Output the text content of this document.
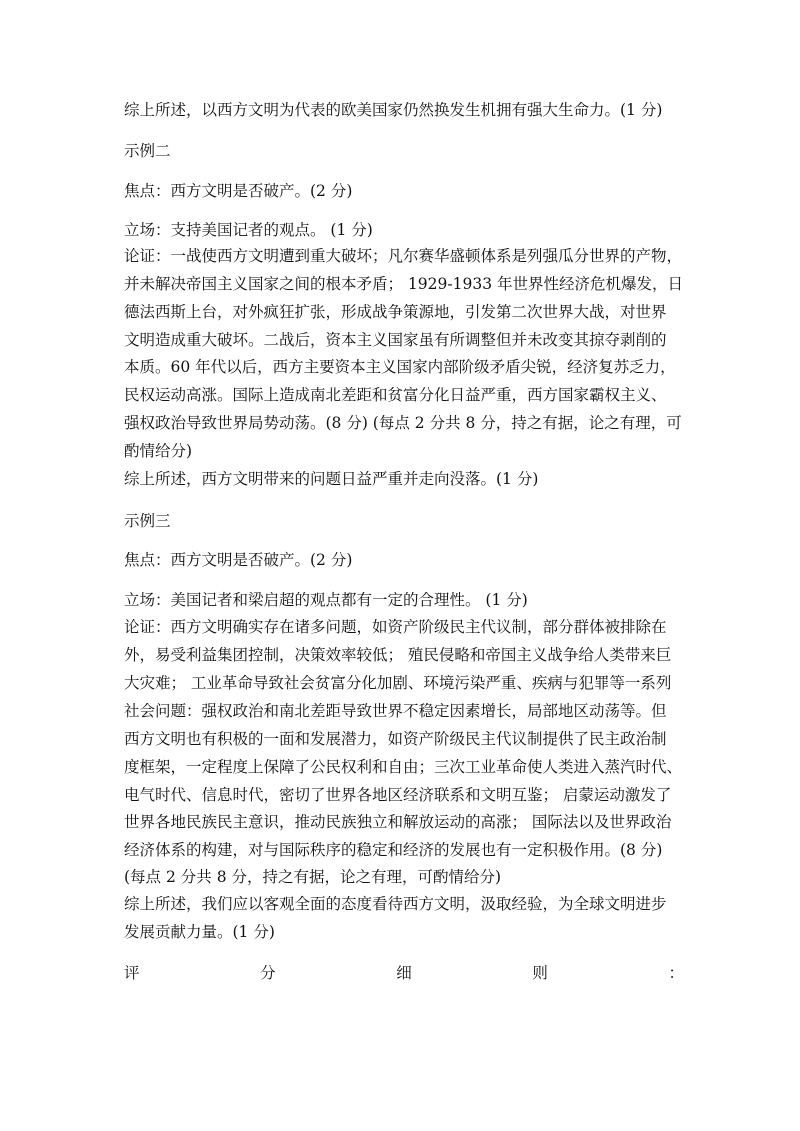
综上所述，以西方文明为代表的欧美国家仍然换发生机拥有强大生命力。(1 分)
示例二
焦点：西方文明是否破产。(2 分)
立场：支持美国记者的观点。 (1 分)
论证：一战使西方文明遭到重大破坏；凡尔赛华盛顿体系是列强瓜分世界的产物，
并未解决帝国主义国家之间的根本矛盾； 1929-1933 年世界性经济危机爆发，日
德法西斯上台，对外疯狂扩张，形成战争策源地，引发第二次世界大战，对世界
文明造成重大破坏。二战后，资本主义国家虽有所调整但并未改变其掠夺剥削的
本质。60 年代以后，西方主要资本主义国家内部阶级矛盾尖锐，经济复苏乏力，
民权运动高涨。国际上造成南北差距和贫富分化日益严重，西方国家霸权主义、
强权政治导致世界局势动荡。(8 分) (每点 2 分共 8 分，持之有据，论之有理，可
酌情给分)
综上所述，西方文明带来的问题日益严重并走向没落。(1 分)
示例三
焦点：西方文明是否破产。(2 分)
立场：美国记者和梁启超的观点都有一定的合理性。 (1 分)
论证：西方文明确实存在诸多问题，如资产阶级民主代议制，部分群体被排除在
外，易受利益集团控制，决策效率较低； 殖民侵略和帝国主义战争给人类带来巨
大灾难； 工业革命导致社会贫富分化加剧、环境污染严重、疾病与犯罪等一系列
社会问题：强权政治和南北差距导致世界不稳定因素增长，局部地区动荡等。但
西方文明也有积极的一面和发展潜力，如资产阶级民主代议制提供了民主政治制
度框架，一定程度上保障了公民权利和自由；三次工业革命使人类进入蒸汽时代、
电气时代、信息时代，密切了世界各地区经济联系和文明互鉴； 启蒙运动激发了
世界各地民族民主意识，推动民族独立和解放运动的高涨； 国际法以及世界政治
经济体系的构建，对与国际秩序的稳定和经济的发展也有一定积极作用。(8 分)
(每点 2 分共 8 分，持之有据，论之有理，可酌情给分)
综上所述，我们应以客观全面的态度看待西方文明，汲取经验，为全球文明进步
发展贡献力量。(1 分)
评	分	细	则	：
